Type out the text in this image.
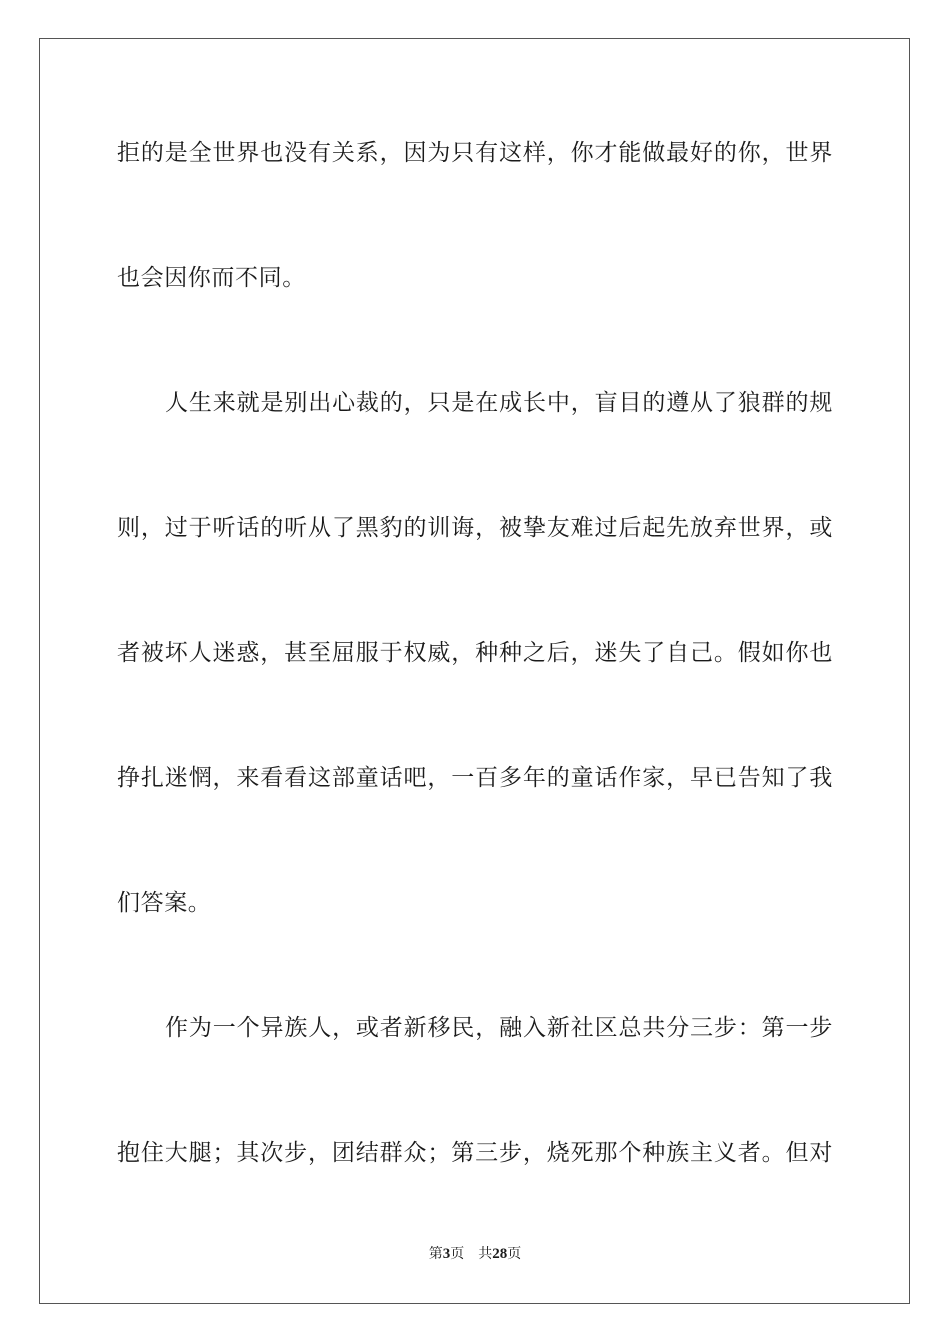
拒的是全世界也没有关系，因为只有这样，你才能做最好的你，世界
也会因你而不同。
人生来就是别出心裁的，只是在成长中，盲目的遵从了狼群的规
则，过于听话的听从了黑豹的训诲，被挚友难过后起先放弃世界，或
者被坏人迷惑，甚至屈服于权威，种种之后，迷失了自己。假如你也
挣扎迷惘，来看看这部童话吧，一百多年的童话作家，早已告知了我
们答案。
作为一个异族人，或者新移民，融入新社区总共分三步：第一步
抱住大腿；其次步，团结群众；第三步，烧死那个种族主义者。但对
第3页 共28页
